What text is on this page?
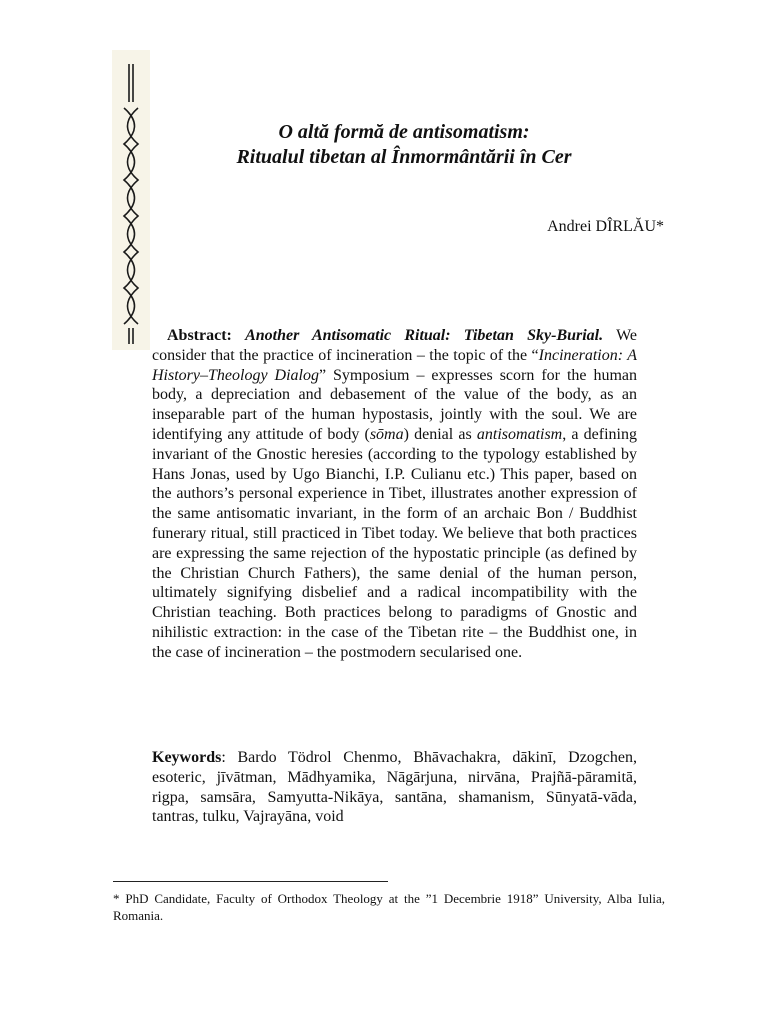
O altă formă de antisomatism:
Ritualul tibetan al Înmormântării în Cer
Andrei DÎRLĂU*

Abstract: Another Antisomatic Ritual: Tibetan Sky-Burial. We consider that the practice of incineration – the topic of the “Incineration: A History–Theology Dialog” Symposium – expresses scorn for the human body, a depreciation and debasement of the value of the body, as an inseparable part of the human hypostasis, jointly with the soul. We are identifying any attitude of body (sōma) denial as antisomatism, a defining invariant of the Gnostic heresies (according to the typology established by Hans Jonas, used by Ugo Bianchi, I.P. Culianu etc.) This paper, based on the authors’s personal experience in Tibet, illustrates another expression of the same antisomatic invariant, in the form of an archaic Bon / Buddhist funerary ritual, still practiced in Tibet today. We believe that both practices are expressing the same rejection of the hypostatic principle (as defined by the Christian Church Fathers), the same denial of the human person, ultimately signifying disbelief and a radical incompatibility with the Christian teaching. Both practices belong to paradigms of Gnostic and nihilistic extraction: in the case of the Tibetan rite – the Buddhist one, in the case of incineration – the postmodern secularised one.

Keywords: Bardo Tödrol Chenmo, Bhāvachakra, dākinī, Dzogchen, esoteric, jīvātman, Mādhyamika, Nāgārjuna, nirvāna, Prajñā-pāramitā, rigpa, samsāra, Samyutta-Nikāya, santāna, shamanism, Sūnyatā-vāda, tantras, tulku, Vajrayāna, void

* PhD Candidate, Faculty of Orthodox Theology at the ”1 Decembrie 1918” University, Alba Iulia, Romania.
